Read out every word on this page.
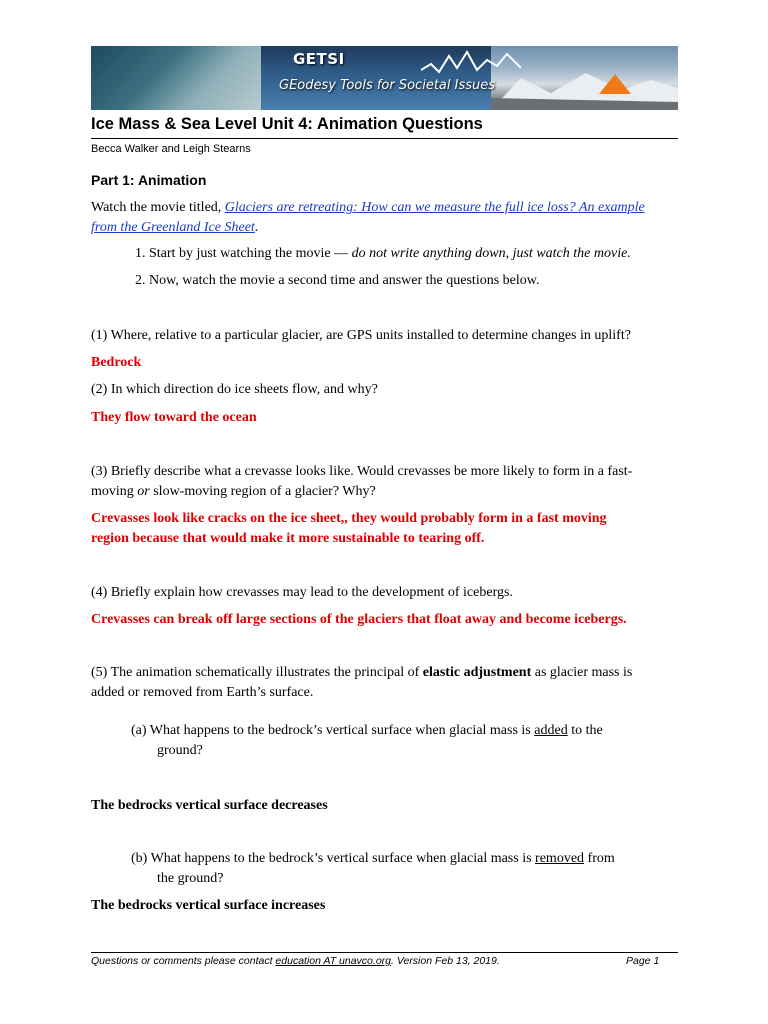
GETSI
GEodesy Tools for Societal Issues
Ice Mass & Sea Level Unit 4: Animation Questions
Becca Walker and Leigh Stearns
Part 1: Animation
Watch the movie titled, Glaciers are retreating: How can we measure the full ice loss? An example from the Greenland Ice Sheet.
1. Start by just watching the movie — do not write anything down, just watch the movie.
2. Now, watch the movie a second time and answer the questions below.
(1) Where, relative to a particular glacier, are GPS units installed to determine changes in uplift?
Bedrock
(2) In which direction do ice sheets flow, and why?
They flow toward the ocean
(3) Briefly describe what a crevasse looks like. Would crevasses be more likely to form in a fast-
moving or slow-moving region of a glacier? Why?
Crevasses look like cracks on the ice sheet,, they would probably form in a fast moving
region because that would make it more sustainable to tearing off.
(4) Briefly explain how crevasses may lead to the development of icebergs.
Crevasses can break off large sections of the glaciers that float away and become icebergs.
(5) The animation schematically illustrates the principal of elastic adjustment as glacier mass is
added or removed from Earth’s surface.
(a) What happens to the bedrock’s vertical surface when glacial mass is added to the
ground?
The bedrocks vertical surface decreases
(b) What happens to the bedrock’s vertical surface when glacial mass is removed from
the ground?
The bedrocks vertical surface increases
Questions or comments please contact education AT unavco.org. Version Feb 13, 2019.	Page 1
